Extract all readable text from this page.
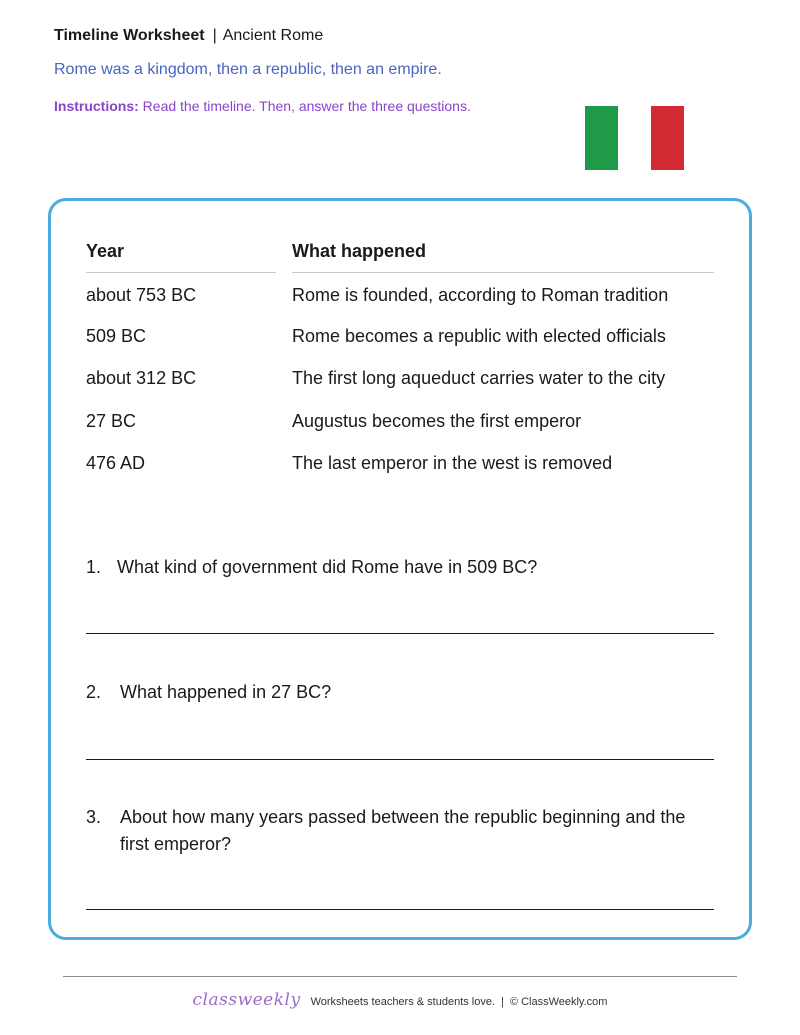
Timeline Worksheet | Ancient Rome
Rome was a kingdom, then a republic, then an empire.
Instructions: Read the timeline. Then, answer the three questions.
Year	What happened
about 753 BC	Rome is founded, according to Roman tradition
509 BC	Rome becomes a republic with elected officials
about 312 BC	The first long aqueduct carries water to the city
27 BC	Augustus becomes the first emperor
476 AD	The last emperor in the west is removed
1. What kind of government did Rome have in 509 BC?
2. What happened in 27 BC?
3. About how many years passed between the republic beginning and the first emperor?
classweekly Worksheets teachers & students love. | © ClassWeekly.com
